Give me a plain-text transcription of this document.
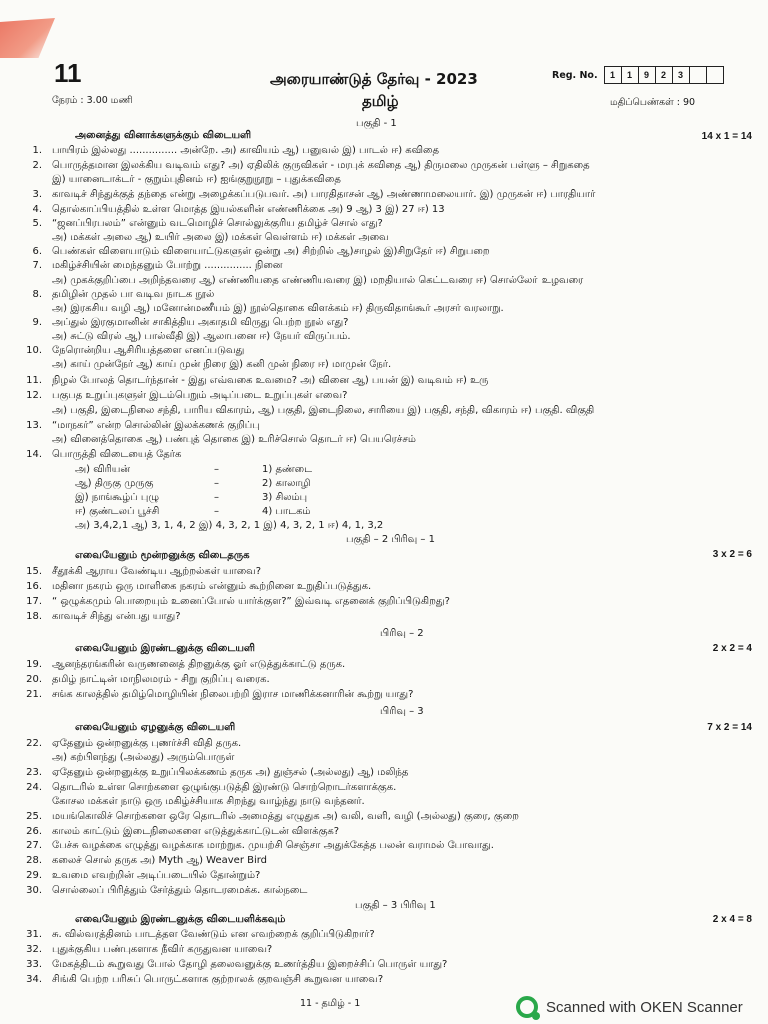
11
நேரம் : 3.00 மணி
அரையாண்டுத் தேர்வு - 2023
தமிழ்
Reg. No.	1	1	9	2	3
மதிப்பெண்கள் : 90
பகுதி - 1
அனைத்து வினாக்களுக்கும் விடையளி	14 x 1 = 14
1. பாயிரம் இல்லது ............... அன்றே. அ) காவியம் ஆ) பனுவல் இ) பாடல் ஈ) கவிதை
2. பொருத்தமான இலக்கிய வடிவம் எது? அ) ஏதிலிக் குருவிகள் - மரபுக் கவிதை ஆ) திருமலை முருகன் பள்ளு – சிறுகதை
இ) யானைடாக்டர் - குறும்புதினம் ஈ) ஐங்குறுநூறு – புதுக்கவிதை
3. காவடிச் சிந்துக்குத் தந்தை என்று அழைக்கப்படுபவர். அ) பாரதிதாசன் ஆ) அண்ணாமலையார். இ) முருகன் ஈ) பாரதியார்
4. தொல்காப்பியத்தில் உள்ள மொத்த இயல்களின் எண்ணிக்கை அ) 9 ஆ) 3 இ) 27 ஈ) 13
5. “ஜனப்பிரபலம்” என்னும் வடமொழிச் சொல்லுக்குரிய தமிழ்ச் சொல் எது?
அ) மக்கள் அலை ஆ) உயிர் அலை இ) மக்கள் வெள்ளம் ஈ) மக்கள் அவை
6. பெண்கள் விளையாடும் விளையாட்டுகளுள் ஒன்று அ) சிற்றில் ஆ)சாழல் இ)சிறுதேர் ஈ) சிறுபறை
7. மகிழ்ச்சியின் மைந்தனும் போற்று ............... நினை
அ) முகக்குறிப்பை அறிந்தவரை ஆ) எண்ணியதை எண்ணியவரை இ) மறதியால் கெட்டவரை ஈ) சொல்லோ் உழவரை
8. தமிழின் முதல் பா வடிவ நாடக நூல்
அ) இரகசிய வழி ஆ) மனோன்மணீயம் இ) நூல்தொகை விளக்கம் ஈ) திருவிதாங்கூர் அரசர் வரலாறு.
9. அப்துல் இரகுமானின் சாகித்திய அகாதமி விருது பெற்ற நூல் எது?
அ) சுட்டு விரல் ஆ) பால்வீதி இ) ஆலாபனை ஈ) நேயர் விருப்பம்.
10. நேரொன்றிய ஆசிரியத்தளை எனப்படுவது
அ) காய் முன்நேர் ஆ) காய் முன் நிரை இ) கனி முன் நிரை ஈ) மாமுன் நேர்.
11. நிழல் போலத் தொடர்ந்தான் - இது எவ்வகை உவமை? அ) வினை ஆ) பயன் இ) வடிவம் ஈ) உரு
12. பகுபத உறுப்புகளுள் இடம்பெறும் அடிப்படை உறுப்புகள் எவை?
அ) பகுதி, இடைநிலை சந்தி, பாரிய விகாரம், ஆ) பகுதி, இடைநிலை, சாரியை இ) பகுதி, சந்தி, விகாரம் ஈ) பகுதி. விகுதி
13. “மாநகர்” என்ற சொல்லின் இலக்கணக் குறிப்பு
அ) வினைத்தொகை ஆ) பண்புத் தொகை இ) உரிச்சொல் தொடர் ஈ) பெயரெச்சம்
14. பொருத்தி விடையைத் தேர்க
அ) விரியன்	–	1) தண்டை
ஆ) திருகு முருகு	–	2) காலாழி
இ) நாங்கூழ்ப் புழு	–	3) சிலம்பு
ஈ) குண்டலப் பூச்சி	–	4) பாடகம்
அ) 3,4,2,1 ஆ) 3, 1, 4, 2 இ) 4, 3, 2, 1 இ) 4, 3, 2, 1 ஈ) 4, 1, 3,2
பகுதி – 2 பிரிவு – 1
எவையேனும் மூன்றனுக்கு விடைதருக	3 x 2 = 6
15. சீதூக்கி ஆராய வேண்டிய ஆற்றல்கள் யாவை?
16. மதினா நகரம் ஒரு மாளிகை நகரம் என்னும் கூற்றினை உறுதிப்படுத்துக.
17. “ ஒழுக்கமும் பொறையும் உனைப்போல் யார்க்குள?” இவ்வடி எதனைக் குறிப்பிடுகிறது?
18. காவடிச் சிந்து என்பது யாது?
பிரிவு – 2
எவையேனும் இரண்டனுக்கு விடையளி	2 x 2 = 4
19. ஆனந்தரங்கரின் வருணனைத் திறனுக்கு ஓர் எடுத்துக்காட்டு தருக.
20. தமிழ் நாட்டின் மாநிலமரம் - சிறு குறிப்பு வரைக.
21. சங்க காலத்தில் தமிழ்மொழியின் நிலைபற்றி இராச மாணிக்கனாரின் கூற்று யாது?
பிரிவு – 3
எவையேனும் ஏழனுக்கு விடையளி	7 x 2 = 14
22. ஏதேனும் ஒன்றனுக்கு புணர்ச்சி விதி தருக.
அ) கற்பிளந்து (அல்லது) அரும்பொருள்
23. ஏதேனும் ஒன்றனுக்கு உறுப்பிலக்கணம் தருக அ) துஞ்சல் (அல்லது) ஆ) மலிந்த
24. தொடரில் உள்ள சொற்களை ஒழுங்குபடுத்தி இரண்டு சொற்றொடர்களாக்குக.
கோசல மக்கள் நாடு ஒரு மகிழ்ச்சியாக சிறந்து வாழ்ந்து நாடு வந்தனர்.
25. மயங்கொலிச் சொற்களை ஒரே தொடரில் அமைத்து எழுதுக அ) வலி, வளி, வழி (அல்லது) குரை, குறை
26. காலம் காட்டும் இடைநிலைகளை எடுத்துக்காட்டுடன் விளக்குக?
27. பேச்சு வழக்கை எழுத்து வழக்காக மாற்றுக. முயற்சி செஞ்சா அதுக்கேத்த பலன் வராமல் போவாது.
28. கலைச் சொல் தருக அ) Myth ஆ) Weaver Bird
29. உவமை எவற்றின் அடிப்படையில் தோன்றும்?
30. சொல்லைப் பிரித்தும் சேர்த்தும் தொடரமைக்க. கால்நடை
பகுதி – 3 பிரிவு 1
எவையேனும் இரண்டனுக்கு விடையளிக்கவும்	2 x 4 = 8
31. சு. வில்வரத்தினம் பாடத்தள வேண்டும் என எவற்றைக் குறிப்பிடுகிறார்?
32. புதுக்குகிய பண்புகளாக நீவிர் கருதுவன யாவை?
33. மேகத்திடம் கூறுவது போல் தோழி தலைவனுக்கு உணர்த்திய இறைச்சிப் பொருள் யாது?
34. சிங்கி பெற்ற பரிசுப் பொருட்களாக குற்றாலக் குறவஞ்சி கூறுவன யாவை?
11 - தமிழ் - 1	Scanned with OKEN Scanner
